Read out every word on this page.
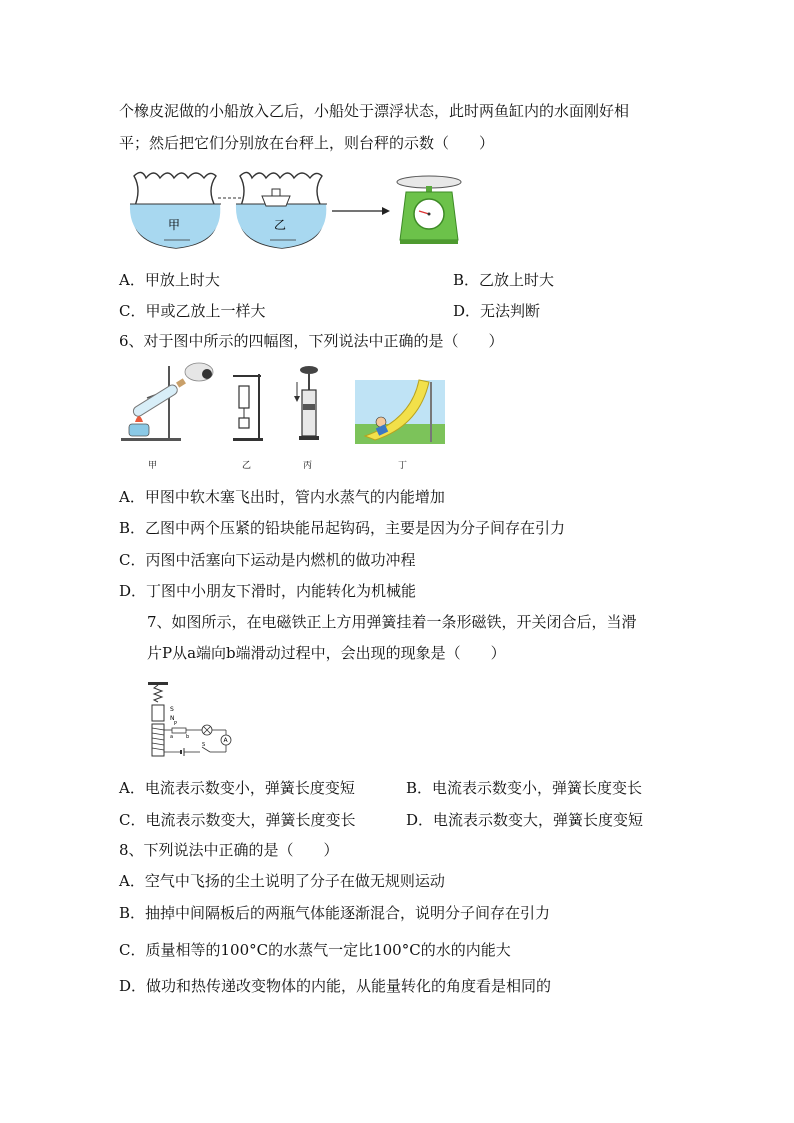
个橡皮泥做的小船放入乙后，小船处于漂浮状态，此时两鱼缸内的水面刚好相
平；然后把它们分别放在台秤上，则台秤的示数（　　）
甲	乙
A．甲放上时大	B．乙放上时大
C．甲或乙放上一样大	D．无法判断
6、对于图中所示的四幅图，下列说法中正确的是（　　）
甲	乙	丙	丁
A．甲图中软木塞飞出时，管内水蒸气的内能增加
B．乙图中两个压紧的铅块能吊起钩码，主要是因为分子间存在引力
C．丙图中活塞向下运动是内燃机的做功冲程
D．丁图中小朋友下滑时，内能转化为机械能
7、如图所示，在电磁铁正上方用弹簧挂着一条形磁铁，开关闭合后，当滑
片P从a端向b端滑动过程中，会出现的现象是（　　）
S
N
a	b
P
A
S
A．电流表示数变小，弹簧长度变短	B．电流表示数变小，弹簧长度变长
C．电流表示数变大，弹簧长度变长	D．电流表示数变大，弹簧长度变短
8、下列说法中正确的是（　　）
A．空气中飞扬的尘土说明了分子在做无规则运动
B．抽掉中间隔板后的两瓶气体能逐渐混合，说明分子间存在引力
C．质量相等的100°C的水蒸气一定比100°C的水的内能大
D．做功和热传递改变物体的内能，从能量转化的角度看是相同的
